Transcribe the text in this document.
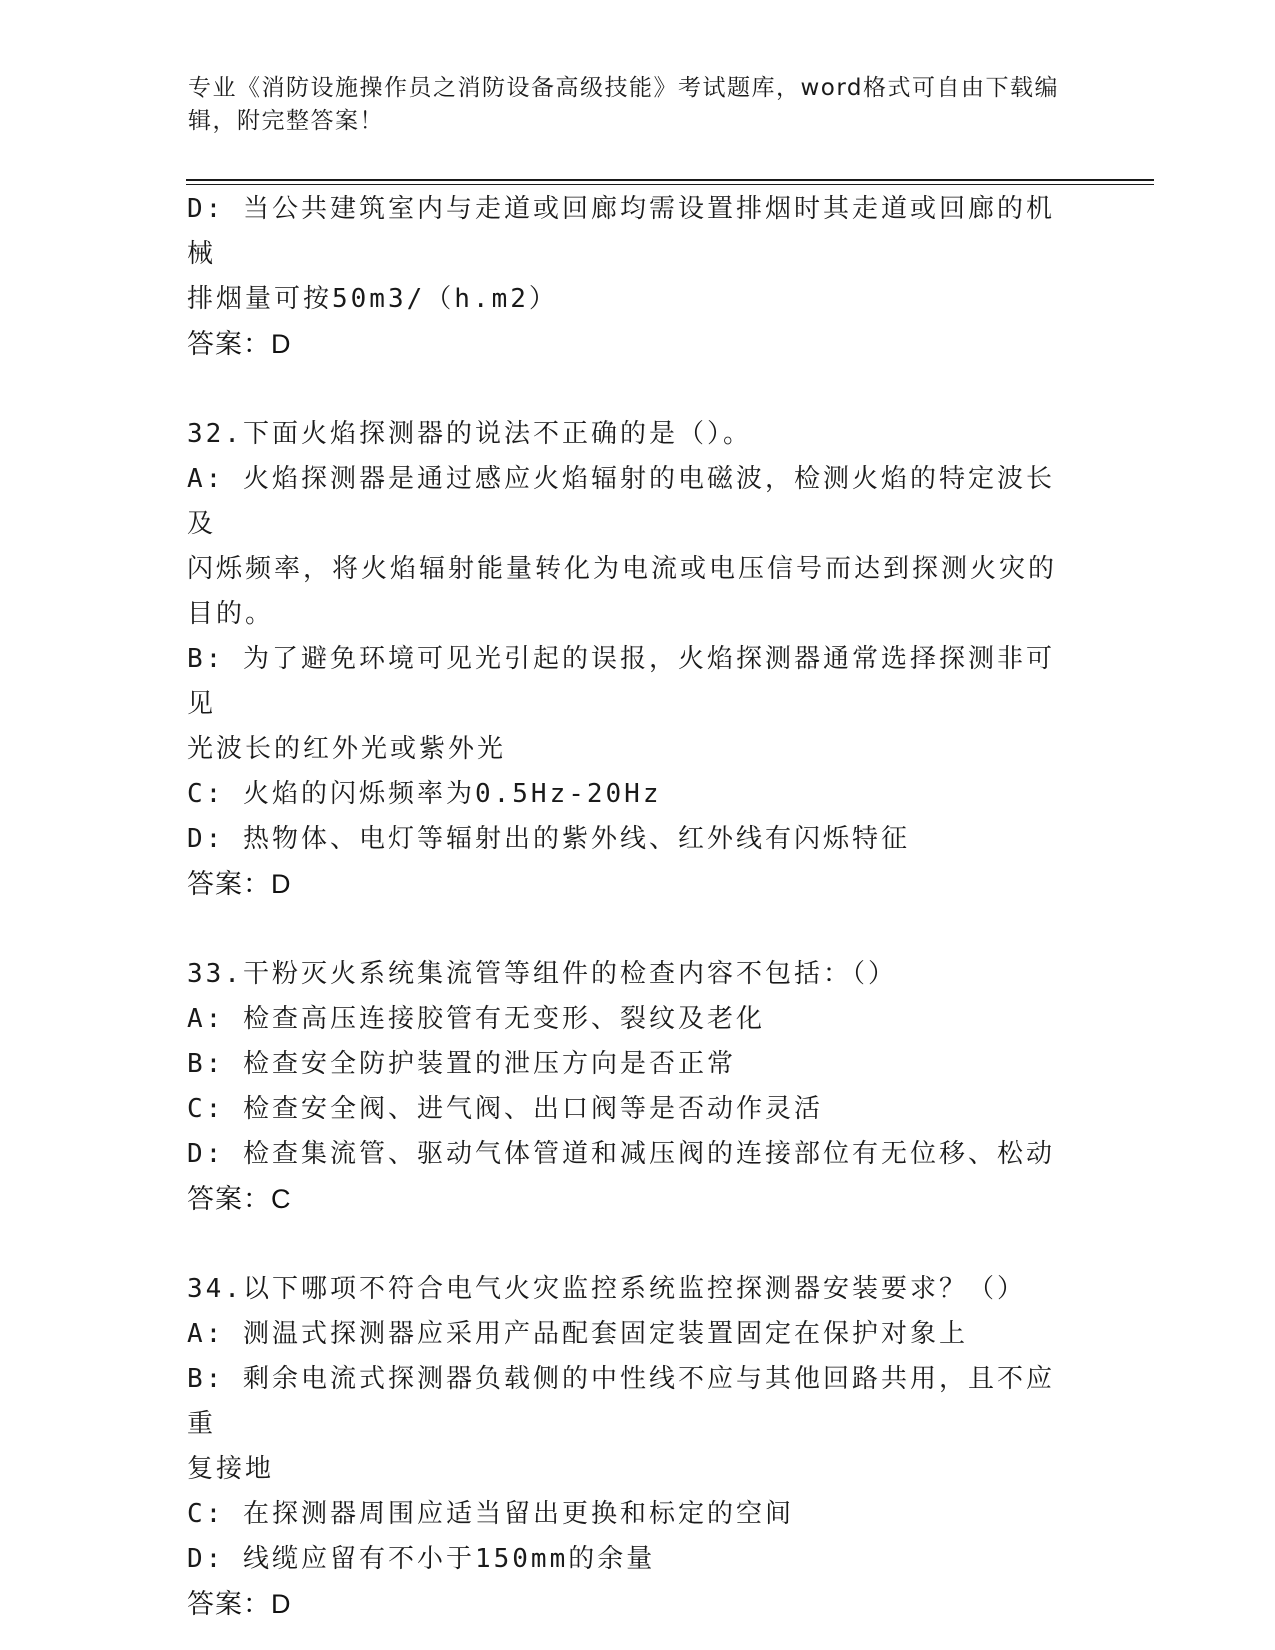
专业《消防设施操作员之消防设备高级技能》考试题库，word格式可自由下载编辑，附完整答案！
D: 当公共建筑室内与走道或回廊均需设置排烟时其走道或回廊的机械
排烟量可按50m3/（h.m2）
答案：D
32.下面火焰探测器的说法不正确的是（）。
A: 火焰探测器是通过感应火焰辐射的电磁波，检测火焰的特定波长及
闪烁频率，将火焰辐射能量转化为电流或电压信号而达到探测火灾的
目的。
B: 为了避免环境可见光引起的误报，火焰探测器通常选择探测非可见
光波长的红外光或紫外光
C: 火焰的闪烁频率为0.5Hz-20Hz
D: 热物体、电灯等辐射出的紫外线、红外线有闪烁特征
答案：D
33.干粉灭火系统集流管等组件的检查内容不包括：（）
A: 检查高压连接胶管有无变形、裂纹及老化
B: 检查安全防护装置的泄压方向是否正常
C: 检查安全阀、进气阀、出口阀等是否动作灵活
D: 检查集流管、驱动气体管道和减压阀的连接部位有无位移、松动
答案：C
34.以下哪项不符合电气火灾监控系统监控探测器安装要求？（）
A: 测温式探测器应采用产品配套固定装置固定在保护对象上
B: 剩余电流式探测器负载侧的中性线不应与其他回路共用，且不应重
复接地
C: 在探测器周围应适当留出更换和标定的空间
D: 线缆应留有不小于150mm的余量
答案：D
